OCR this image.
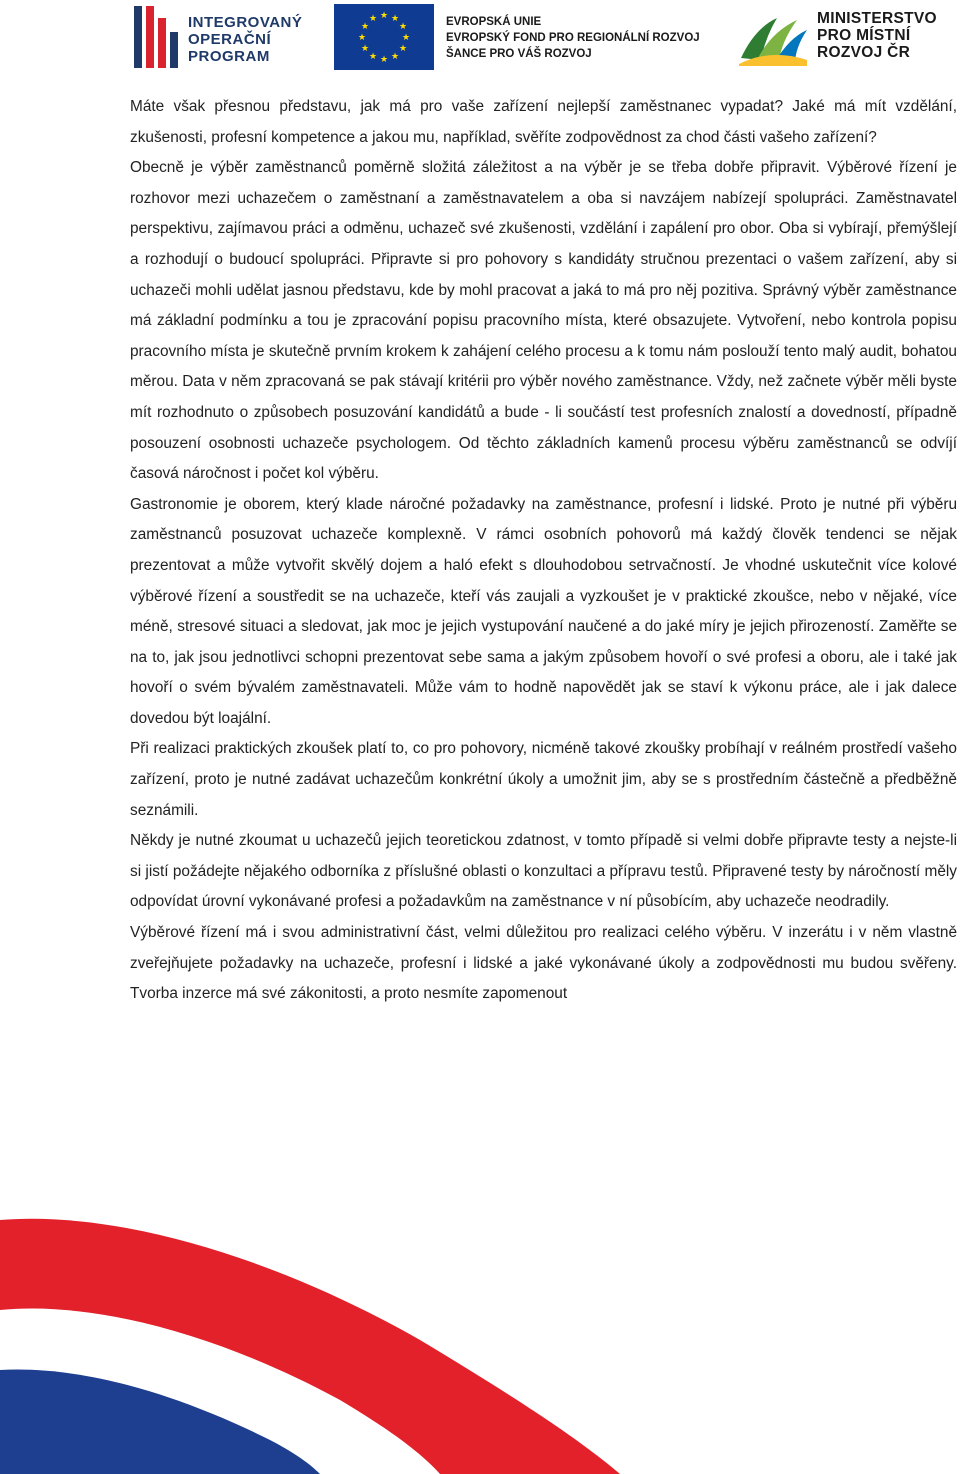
INTEGROVANÝ
OPERAČNÍ
PROGRAM
★ ★
★
★
★
★
★
★
★
★
★
★	EVROPSKÁ UNIE
EVROPSKÝ FOND PRO REGIONÁLNÍ ROZVOJ
ŠANCE PRO VÁŠ ROZVOJ
MINISTERSTVO
PRO MÍSTNÍ
ROZVOJ ČR

Máte však přesnou představu, jak má pro vaše zařízení nejlepší zaměstnanec vypadat? Jaké má mít vzdělání, zkušenosti, profesní kompetence a jakou mu, například, svěříte zodpovědnost za chod části vašeho zařízení?

Obecně je výběr zaměstnanců poměrně složitá záležitost a na výběr je se třeba dobře připravit. Výběrové řízení je rozhovor mezi uchazečem o zaměstnaní a zaměstnavatelem a oba si navzájem nabízejí spolupráci. Zaměstnavatel perspektivu, zajímavou práci a odměnu, uchazeč své zkušenosti, vzdělání i zapálení pro obor. Oba si vybírají, přemýšlejí a rozhodují o budoucí spolupráci. Připravte si pro pohovory s kandidáty stručnou prezentaci o vašem zařízení, aby si uchazeči mohli udělat jasnou představu, kde by mohl pracovat a jaká to má pro něj pozitiva. Správný výběr zaměstnance má základní podmínku a tou je zpracování popisu pracovního místa, které obsazujete. Vytvoření, nebo kontrola popisu pracovního místa je skutečně prvním krokem k zahájení celého procesu a k tomu nám poslouží tento malý audit, bohatou měrou. Data v něm zpracovaná se pak stávají kritérii pro výběr nového zaměstnance. Vždy, než začnete výběr měli byste mít rozhodnuto o způsobech posuzování kandidátů a bude - li součástí test profesních znalostí a dovedností, případně posouzení osobnosti uchazeče psychologem. Od těchto základních kamenů procesu výběru zaměstnanců se odvíjí časová náročnost i počet kol výběru.

Gastronomie je oborem, který klade náročné požadavky na zaměstnance, profesní i lidské. Proto je nutné při výběru zaměstnanců posuzovat uchazeče komplexně. V rámci osobních pohovorů má každý člověk tendenci se nějak prezentovat a může vytvořit skvělý dojem a haló efekt s dlouhodobou setrvačností. Je vhodné uskutečnit více kolové výběrové řízení a soustředit se na uchazeče, kteří vás zaujali a vyzkoušet je v praktické zkoušce, nebo v nějaké, více méně, stresové situaci a sledovat, jak moc je jejich vystupování naučené a do jaké míry je jejich přirozeností. Zaměřte se na to, jak jsou jednotlivci schopni prezentovat sebe sama a jakým způsobem hovoří o své profesi a oboru, ale i také jak hovoří o svém bývalém zaměstnavateli. Může vám to hodně napovědět jak se staví k výkonu práce, ale i jak dalece dovedou být loajální.

Při realizaci praktických zkoušek platí to, co pro pohovory, nicméně takové zkoušky probíhají v reálném prostředí vašeho zařízení, proto je nutné zadávat uchazečům konkrétní úkoly a umožnit jim, aby se s prostředním částečně a předběžně seznámili.

Někdy je nutné zkoumat u uchazečů jejich teoretickou zdatnost, v tomto případě si velmi dobře připravte testy a nejste-li si jistí požádejte nějakého odborníka z příslušné oblasti o konzultaci a přípravu testů. Připravené testy by náročností měly odpovídat úrovní vykonávané profesi a požadavkům na zaměstnance v ní působícím, aby uchazeče neodradily.

Výběrové řízení má i svou administrativní část, velmi důležitou pro realizaci celého výběru. V inzerátu i v něm vlastně zveřejňujete požadavky na uchazeče, profesní i lidské a jaké vykonávané úkoly a zodpovědnosti mu budou svěřeny. Tvorba inzerce má své zákonitosti, a proto nesmíte zapomenout
